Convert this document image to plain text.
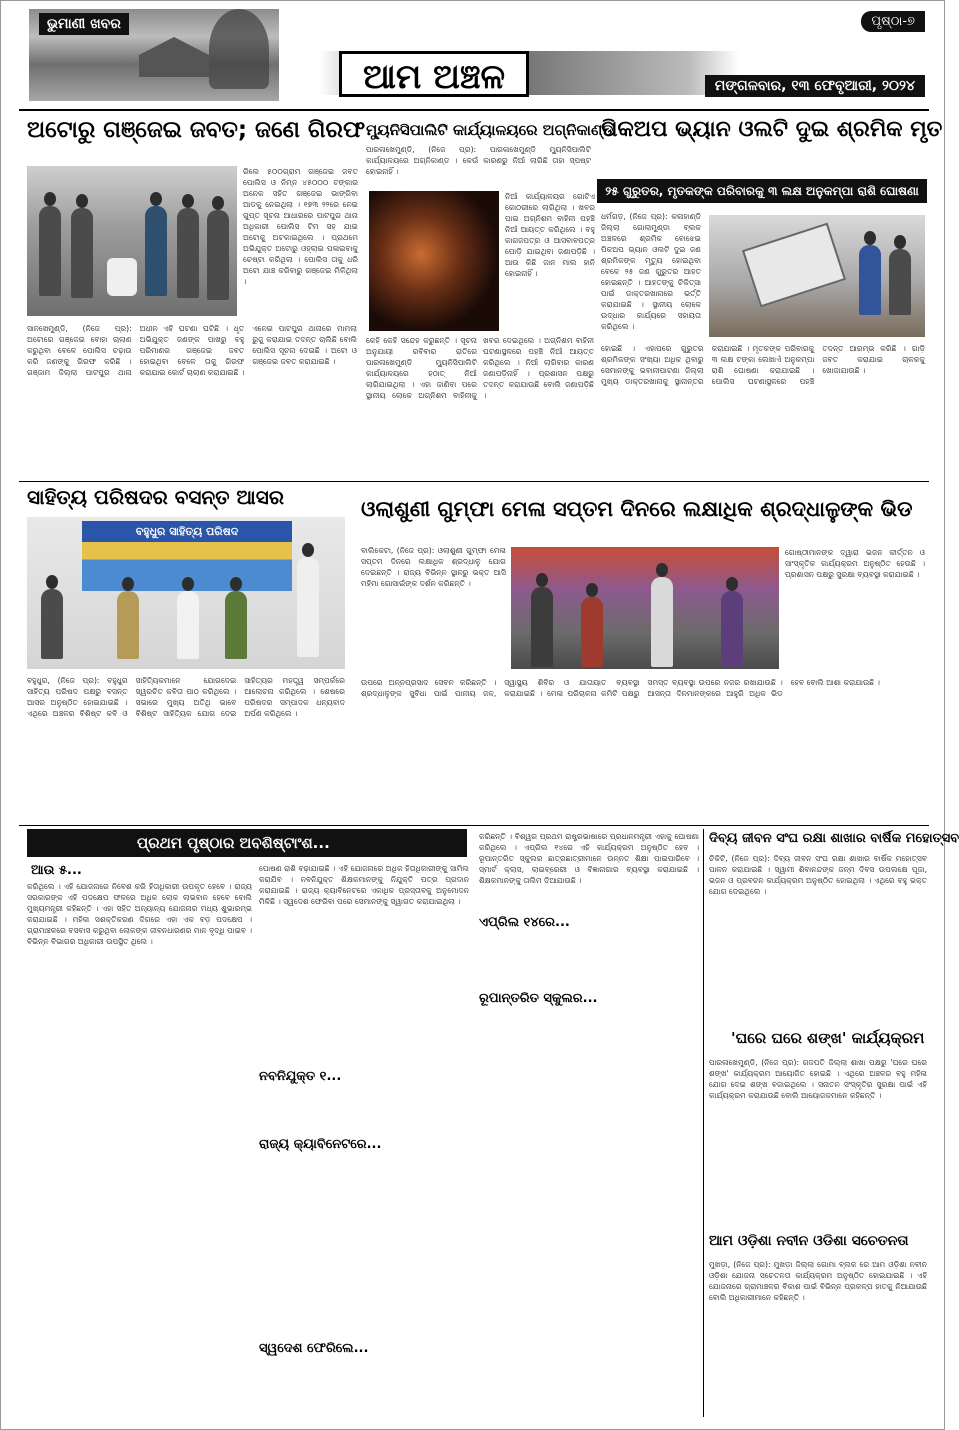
ଭୁମାଣୀ ଖବର
ଆମ ଅଞ୍ଚଳ
ପୃଷ୍ଠା-୭
ମଙ୍ଗଳବାର, ୧୩ ଫେବୃଆରୀ, ୨୦୨୪
ଅଟୋରୁ ଗଞ୍ଜେଇ ଜବତ; ଜଣେ ଗିରଫ
ରିଲେ ୫୦୦ଗ୍ରାମ ଗଞ୍ଜେଇ ଜବତ ପୋଲିସ ଓ ନିମ୍ନ ୪୫୦୦୦ ଟଙ୍କାର ଅନେକ ସହିତ ଗଞ୍ଜେଇ ଭାଙ୍ଗିବା ଆଡକୁ ନେଇଥିଲା । ୧୭୩ ୨୨ରେ ନେଇ ଗୁପ୍ତ ସୂଚନା ଆଧାରରେ ପାଟପୁର ଥାନା ଅଧିକାରୀ ପୋଲିସ ଟିମ ସହ ଯାଇ ଅଟୋକୁ ଅଟକାଇଥିଲେ । ପ୍ରଥମେ ଅଭିଯୁକ୍ତ ଅଟୋରୁ ଓହ୍ଲାଇ ପଳାଇବାକୁ ଚେଷ୍ଟା କରିଥିଲା । ପୋଲିସ ତାକୁ ଧରି ଅଟୋ ଯାଞ୍ଚ କରିବାରୁ ଗଞ୍ଜେଇ ମିଳିଥିଲା ।
ସାନଖେମୁଣ୍ଡି, (ନିଜେ ପ୍ର): ଅଟୋରେ ଗଞ୍ଜେଇ ବୋହା ଚାଲାଣ କରୁଥିବା ବେଳେ ପୋଲିସ ଚଢ଼ାଉ କରି ଜଣଙ୍କୁ ଗିରଫ କରିଛି । ଗଞ୍ଜାମ ଜିଲ୍ଲା ପାଟପୁର ଥାନା ଅଧୀନ ଏହି ଘଟଣା ଘଟିଛି । ଧୃତ ଅଭିଯୁକ୍ତ ଜଣଙ୍କ ପାଖରୁ ବହୁ ପରିମାଣର ଗଞ୍ଜେଇ ଜବତ ହୋଇଥିବା ବେଳେ ତାକୁ ଗିରଫ କରାଯାଇ କୋର୍ଟ ଚାଲାଣ କରାଯାଇଛି । ଏନେଇ ପାଟପୁର ଥାନାରେ ମାମଲା ରୁଜୁ କରାଯାଇ ତଦନ୍ତ ଚାଲିଛି ବୋଲି ପୋଲିସ ସୂଚନା ଦେଇଛି । ଅଟୋ ଓ ଗଞ୍ଜେଇ ଜବତ କରାଯାଇଛି ।
ମ୍ୟୁନିସିପାଲିଟି କାର୍ଯ୍ୟାଳୟରେ ଅଗ୍ନିକାଣ୍ଡ
ପାରଳାଖେମୁଣ୍ଡି, (ନିଜେ ପ୍ର): ପାରଳାଖେମୁଣ୍ଡି ମ୍ୟୁନିସିପାଲିଟି କାର୍ଯ୍ୟାଳୟରେ ଅଗ୍ନିକାଣ୍ଡ । କେଉଁ କାରଣରୁ ନିଆଁ ଲାଗିଛି ତାହା ସ୍ପଷ୍ଟ ହୋଇନାହିଁ ।
ନିଆଁ କାର୍ଯ୍ୟାଳୟର ଗୋଟିଏ କୋଠରୀରେ ଲାଗିଥିଲା । ଖବର ପାଇ ଅଗ୍ନିଶମ ବାହିନୀ ପହଞ୍ଚି ନିଆଁ ଆୟତ୍ତ କରିଥିଲେ । ବହୁ କାଗଜପତ୍ର ଓ ଆସବାବପତ୍ର ପୋଡ଼ି ଯାଇଥିବା ଜଣାପଡ଼ିଛି । ଆଉ କିଛି ଜାନ ମାଲ ହାନି ହୋଇନାହିଁ ।
କେହି କେହି ସନ୍ଦେହ କରୁଛନ୍ତି । ସୂଚନା ଅନୁଯାୟୀ ରବିବାର ରାତିରେ ପାରଳାଖେମୁଣ୍ଡି ମ୍ୟୁନିସିପାଲିଟି କାର୍ଯ୍ୟାଳୟରେ ହଠାତ୍ ନିଆଁ ଲାଗିଯାଇଥିଲା । ଏହା ଜାଣିବା ପରେ ସ୍ଥାନୀୟ ଲୋକେ ଅଗ୍ନିଶମ ବାହିନୀକୁ ଖବର ଦେଇଥିଲେ । ଅଗ୍ନିଶମ ବାହିନୀ ଘଟଣାସ୍ଥଳରେ ପହଞ୍ଚି ନିଆଁ ଆୟତ୍ତ କରିଥିଲେ । ନିଆଁ ଲାଗିବାର କାରଣ ଜଣାପଡ଼ିନାହିଁ । ପ୍ରଶାସନ ପକ୍ଷରୁ ତଦନ୍ତ କରାଯାଉଛି ବୋଲି ଜଣାପଡ଼ିଛି ।
ପିକଅପ ଭ୍ୟାନ ଓଲଟି ଦୁଇ ଶ୍ରମିକ ମୃତ
୨୫ ଗୁରୁତର, ମୃତକଙ୍କ ପରିବାରକୁ ୩ ଲକ୍ଷ ଅନୁକମ୍ପା ରାଶି ଘୋଷଣା
ଧର୍ମଗଡ଼, (ନିଜେ ପ୍ର): କଳାହାଣ୍ଡି ଜିଲ୍ଲା ଗୋଲାମୁଣ୍ଡା ବ୍ଲକ ଅଞ୍ଚଳରେ ଶ୍ରମିକ ବୋଝେଇ ପିକଅପ ଭ୍ୟାନ ଓଲଟି ଦୁଇ ଜଣ ଶ୍ରମିକଙ୍କ ମୃତ୍ୟୁ ହୋଇଥିବା ବେଳେ ୨୫ ଜଣ ଗୁରୁତର ଆହତ ହୋଇଛନ୍ତି । ଆହତଙ୍କୁ ଚିକିତ୍ସା ପାଇଁ ଡାକ୍ତରଖାନାରେ ଭର୍ତ୍ତି କରାଯାଇଛି । ସ୍ଥାନୀୟ ଲୋକେ ଉଦ୍ଧାର କାର୍ଯ୍ୟରେ ସହାୟତା କରିଥିଲେ ।
ହୋଇଛି । ଏହାପରେ ଗୁରୁତର ଶ୍ରମିକଙ୍କ ସଂଖ୍ୟା ଅଧିକ ଥିବାରୁ ସେମାନଙ୍କୁ ଭବାନୀପାଟଣା ଜିଲ୍ଲା ମୁଖ୍ୟ ଡାକ୍ତରଖାନାକୁ ସ୍ଥାନାନ୍ତର କରାଯାଇଛି । ମୃତକଙ୍କ ପରିବାରକୁ ୩ ଲକ୍ଷ ଟଙ୍କା ଲେଖାଏଁ ଅନୁକମ୍ପା ରାଶି ଘୋଷଣା କରାଯାଇଛି । ପୋଲିସ ଘଟଣାସ୍ଥଳରେ ପହଞ୍ଚି ତଦନ୍ତ ଆରମ୍ଭ କରିଛି । ଗାଡ଼ି ଜବତ କରାଯାଇ ଚାଳକକୁ ଖୋଜାଯାଉଛି ।
ସାହିତ୍ୟ ପରିଷଦର ବସନ୍ତ ଆସର
ବହୁଧୁର ସାହିତ୍ୟ ପରିଷଦ
ବହୁଧୁର, (ନିଜେ ପ୍ର): ବହୁଧୁର ସାହିତ୍ୟ ପରିଷଦ ପକ୍ଷରୁ ବସନ୍ତ ଆସର ଅନୁଷ୍ଠିତ ହୋଇଯାଇଛି । ଏଥିରେ ଅଞ୍ଚଳର ବିଶିଷ୍ଟ କବି ଓ ସାହିତ୍ୟିକମାନେ ଯୋଗଦେଇ ସ୍ୱରଚିତ କବିତା ପାଠ କରିଥିଲେ । ସଭାରେ ମୁଖ୍ୟ ଅତିଥି ଭାବେ ବିଶିଷ୍ଟ ସାହିତ୍ୟିକ ଯୋଗ ଦେଇ ସାହିତ୍ୟର ମହତ୍ତ୍ୱ ସମ୍ପର୍କରେ ଆଲୋଚନା କରିଥିଲେ । ଶେଷରେ ପରିଷଦର ସମ୍ପାଦକ ଧନ୍ୟବାଦ ଅର୍ପଣ କରିଥିଲେ ।
ଓଲାଶୁଣୀ ଗୁମ୍ଫା ମେଳା ସପ୍ତମ ଦିନରେ ଲକ୍ଷାଧିକ ଶ୍ରଦ୍ଧାଳୁଙ୍କ ଭିଡ
ବାଲିକେଟା, (ନିଜେ ପ୍ର): ଓଲାଶୁଣୀ ଗୁମ୍ଫା ମେଳା ସପ୍ତମ ଦିନରେ ଲକ୍ଷାଧିକ ଶ୍ରଦ୍ଧାଳୁ ଯୋଗ ଦେଇଛନ୍ତି । ରାଜ୍ୟ ବିଭିନ୍ନ ସ୍ଥାନରୁ ଭକ୍ତ ଆସି ମହିମା ଗୋସାଇଁଙ୍କ ଦର୍ଶନ କରିଛନ୍ତି ।
ଗୋଷ୍ଠୀମାନଙ୍କ ଦ୍ୱାରା ଭଜନ କୀର୍ତ୍ତନ ଓ ସାଂସ୍କୃତିକ କାର୍ଯ୍ୟକ୍ରମ ଅନୁଷ୍ଠିତ ହେଉଛି । ପ୍ରଶାସନ ପକ୍ଷରୁ ସୁରକ୍ଷା ବ୍ୟବସ୍ଥା କରାଯାଇଛି ।
ଉପରେ ଅନ୍ନପ୍ରସାଦ ସେବନ କରିଛନ୍ତି । ଶ୍ରଦ୍ଧାଳୁଙ୍କ ସୁବିଧା ପାଇଁ ପାନୀୟ ଜଳ, ସ୍ୱାସ୍ଥ୍ୟ ଶିବିର ଓ ଯାତାୟାତ ବ୍ୟବସ୍ଥା କରାଯାଇଛି । ମେଳା ପରିଚାଳନା କମିଟି ପକ୍ଷରୁ ସମସ୍ତ ବ୍ୟବସ୍ଥା ଉପରେ ନଜର ରଖାଯାଉଛି । ଆସନ୍ତା ଦିନମାନଙ୍କରେ ଆହୁରି ଅଧିକ ଭିଡ ହେବ ବୋଲି ଆଶା କରାଯାଉଛି ।
ପ୍ରଥମ ପୃଷ୍ଠାର ଅବଶିଷ୍ଟାଂଶ...
ଆଉ ୫...
କରିଥିଲେ । ଏହି ଯୋଜନାରେ ନିବେଶ କରି ହିତାଧିକାରୀ ଉପକୃତ ହେବେ । ରାଜ୍ୟ ସରକାରଙ୍କ ଏହି ପଦକ୍ଷେପ ଫଳରେ ଅଧିକ ଲୋକ ଲାଭବାନ ହେବେ ବୋଲି ମୁଖ୍ୟମନ୍ତ୍ରୀ କହିଛନ୍ତି । ଏହା ସହିତ ଅନ୍ୟାନ୍ୟ ଯୋଜନାର ମଧ୍ୟ ଶୁଭାରମ୍ଭ କରାଯାଇଛି । ମହିଳା ସଶକ୍ତିକରଣ ଦିଗରେ ଏହା ଏକ ବଡ଼ ପଦକ୍ଷେପ । ଗ୍ରାମାଞ୍ଚଳରେ ବସବାସ କରୁଥିବା ଲୋକଙ୍କ ଜୀବନଧାରଣର ମାନ ବୃଦ୍ଧି ପାଇବ । ବିଭିନ୍ନ ବିଭାଗର ଅଧିକାରୀ ଉପସ୍ଥିତ ଥିଲେ ।
ପୋଷଣ ରାଶି ବଢ଼ାଯାଇଛି । ଏହି ଯୋଜନାରେ ଅଧିକ ହିତାଧିକାରୀଙ୍କୁ ସାମିଲ କରାଯିବ । ନବନିଯୁକ୍ତ ଶିକ୍ଷକମାନଙ୍କୁ ନିଯୁକ୍ତି ପତ୍ର ପ୍ରଦାନ କରାଯାଇଛି । ରାଜ୍ୟ କ୍ୟାବିନେଟରେ ଏକାଧିକ ପ୍ରସ୍ତାବକୁ ଅନୁମୋଦନ ମିଳିଛି । ସ୍ୱଦେଶ ଫେରିବା ପରେ ସେମାନଙ୍କୁ ସ୍ୱାଗତ କରାଯାଇଥିଲା ।
ନବନିଯୁକ୍ତ ୧...
ରାଜ୍ୟ କ୍ୟାବିନେଟରେ...
ସ୍ୱଦେଶ ଫେରିଲେ...
କରିଛନ୍ତି । ବିଶ୍ୱର ପ୍ରଥମ ରାଷ୍ଟ୍ରଭାଷାରେ ପ୍ରଧାନମନ୍ତ୍ରୀ ଏହାକୁ ଘୋଷଣା କରିଥିଲେ । ଏପ୍ରିଲ ୧୪ରେ ଏହି କାର୍ଯ୍ୟକ୍ରମ ଅନୁଷ୍ଠିତ ହେବ । ରୂପାନ୍ତରିତ ସ୍କୁଲର ଛାତ୍ରଛାତ୍ରୀମାନେ ଉନ୍ନତ ଶିକ୍ଷା ପାଇପାରିବେ । ସ୍ମାର୍ଟ କ୍ଲାସ, ଲାଇବ୍ରେରୀ ଓ ବିଜ୍ଞାନାଗାର ବ୍ୟବସ୍ଥା କରାଯାଇଛି । ଶିକ୍ଷକମାନଙ୍କୁ ତାଲିମ ଦିଆଯାଉଛି ।
ଏପ୍ରିଲ ୧୪ରେ...
ରୂପାନ୍ତରିତ ସ୍କୁଲର...
ଦିବ୍ୟ ଜୀବନ ସଂଘ ରକ୍ଷା ଶାଖାର ବାର୍ଷିକ ମହୋତ୍ସବ
ଚିକିଟି, (ନିଜେ ପ୍ର): ଦିବ୍ୟ ଜୀବନ ସଂଘ ରକ୍ଷା ଶାଖାର ବାର୍ଷିକ ମହୋତ୍ସବ ପାଳନ କରାଯାଇଛି । ସ୍ୱାମୀ ଶିବାନନ୍ଦଙ୍କ ଜନ୍ମ ଦିବସ ଉପଲକ୍ଷେ ପୂଜା, ଭଜନ ଓ ପ୍ରବଚନ କାର୍ଯ୍ୟକ୍ରମ ଅନୁଷ୍ଠିତ ହୋଇଥିଲା । ଏଥିରେ ବହୁ ଭକ୍ତ ଯୋଗ ଦେଇଥିଲେ ।
'ଘରେ ଘରେ ଶଙ୍ଖ' କାର୍ଯ୍ୟକ୍ରମ
ପାରଳାଖେମୁଣ୍ଡି, (ନିଜେ ପ୍ର): ଗଜପତି ଜିଲ୍ଲା ଶାଖା ପକ୍ଷରୁ 'ଘରେ ଘରେ ଶଙ୍ଖ' କାର୍ଯ୍ୟକ୍ରମ ଆୟୋଜିତ ହୋଇଛି । ଏଥିରେ ଅଞ୍ଚଳର ବହୁ ମହିଳା ଯୋଗ ଦେଇ ଶଙ୍ଖ ବଜାଇଥିଲେ । ସନାତନ ସଂସ୍କୃତିର ସୁରକ୍ଷା ପାଇଁ ଏହି କାର୍ଯ୍ୟକ୍ରମ କରାଯାଉଛି ବୋଲି ଆୟୋଜକମାନେ କହିଛନ୍ତି ।
ଆମ ଓଡ଼ିଶା ନବୀନ ଓଡିଶା ସଚେତନତା
ମୁଖଡ଼ା, (ନିଜେ ପ୍ର): ମୁଖଡ଼ା ଜିଲ୍ଲା ଗୋମା ବ୍ଲକ ରେ ଆମ ଓଡ଼ିଶା ନବୀନ ଓଡ଼ିଶା ଯୋଜନା ସଚେତନତା କାର୍ଯ୍ୟକ୍ରମ ଅନୁଷ୍ଠିତ ହୋଇଯାଇଛି । ଏହି ଯୋଜନାରେ ଗ୍ରାମାଞ୍ଚଳର ବିକାଶ ପାଇଁ ବିଭିନ୍ନ ପ୍ରକଳ୍ପ ହାତକୁ ନିଆଯାଉଛି ବୋଲି ଅଧିକାରୀମାନେ କହିଛନ୍ତି ।
